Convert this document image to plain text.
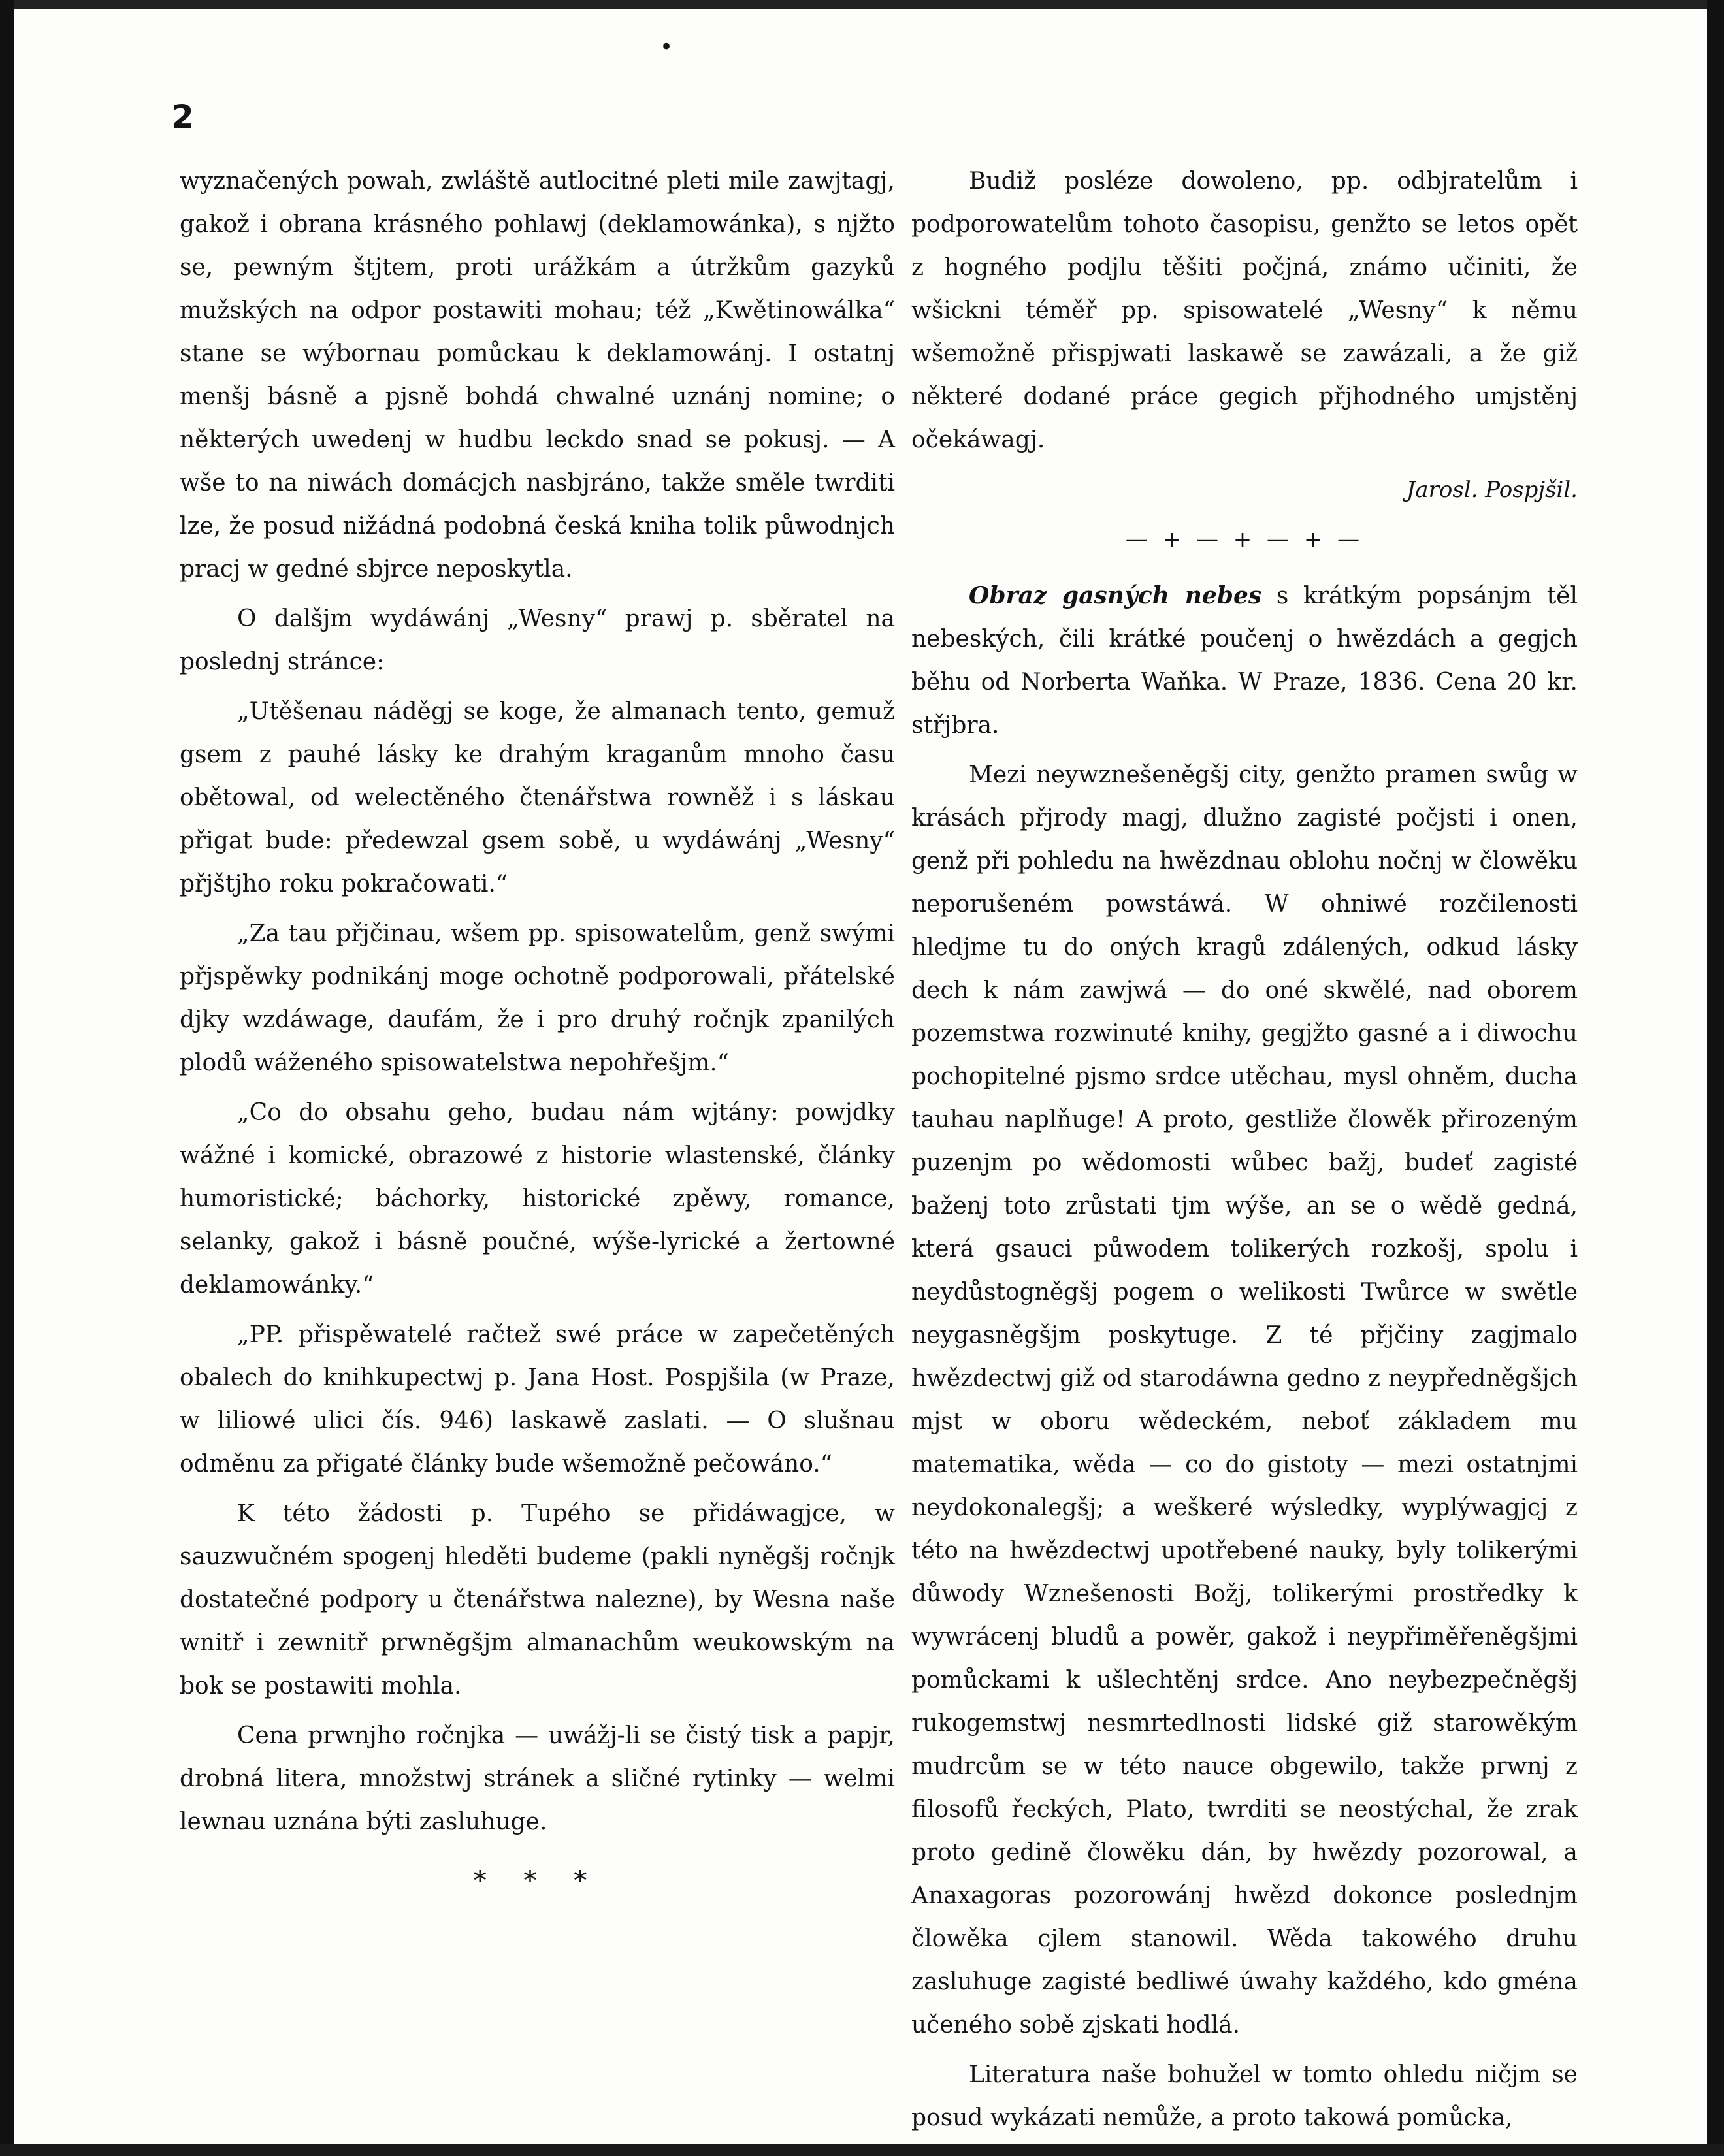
•
2

wyznačených powah, zwláště autlocitné pleti mile zawjtagj, gakož i obrana krásného pohlawj (deklamowánka), s njžto se, pewným štjtem, proti urážkám a útržkům gazyků mužských na odpor postawiti mohau; též „Kwětinowálka“ stane se wýbornau pomůckau k deklamowánj. I ostatnj menšj básně a pjsně bohdá chwalné uznánj nomine; o některých uwedenj w hudbu leckdo snad se pokusj. — A wše to na niwách domácjch nasbjráno, takže směle twrditi lze, že posud nižádná podobná česká kniha tolik půwodnjch pracj w gedné sbjrce neposkytla.

O dalšjm wydáwánj „Wesny“ prawj p. sběratel na poslednj stránce:

„Utěšenau náděgj se koge, že almanach tento, gemuž gsem z pauhé lásky ke drahým kraganům mnoho času obětowal, od welectěného čtenářstwa rowněž i s láskau přigat bude: předewzal gsem sobě, u wydáwánj „Wesny“ přjštjho roku pokračowati.“

„Za tau přjčinau, wšem pp. spisowatelům, genž swými přjspěwky podnikánj moge ochotně podporowali, přátelské djky wzdáwage, daufám, že i pro druhý ročnjk zpanilých plodů wáženého spisowatelstwa nepohřešjm.“

„Co do obsahu geho, budau nám wjtány: powjdky wážné i komické, obrazowé z historie wlastenské, články humoristické; báchorky, historické zpěwy, romance, selanky, gakož i básně poučné, wýše-lyrické a žertowné deklamowánky.“

„PP. přispěwatelé račtež swé práce w zapečetěných obalech do knihkupectwj p. Jana Host. Pospjšila (w Praze, w liliowé ulici čís. 946) laskawě zaslati. — O slušnau odměnu za přigaté články bude wšemožně pečowáno.“

K této žádosti p. Tupého se přidáwagjce, w sauzwučném spogenj hleděti budeme (pakli nyněgšj ročnjk dostatečné podpory u čtenářstwa nalezne), by Wesna naše wnitř i zewnitř prwněgšjm almanachům weukowským na bok se postawiti mohla.

Cena prwnjho ročnjka — uwážj-li se čistý tisk a papjr, drobná litera, množstwj stránek a sličné rytinky — welmi lewnau uznána býti zasluhuge.

* * *

Budiž posléze dowoleno, pp. odbjratelům i podporowatelům tohoto časopisu, genžto se letos opět z hogného podjlu těšiti počjná, známo učiniti, že wšickni téměř pp. spisowatelé „Wesny“ k němu wšemožně přispjwati laskawě se zawázali, a že giž některé dodané práce gegich přjhodného umjstěnj očekáwagj.

Jarosl. Pospjšil.

— + — + — + —

Obraz gasných nebes s krátkým popsánjm těl nebeských, čili krátké poučenj o hwězdách a gegjch běhu od Norberta Waňka. W Praze, 1836. Cena 20 kr. střjbra.

Mezi neywznešeněgšj city, genžto pramen swůg w krásách přjrody magj, dlužno zagisté počjsti i onen, genž při pohledu na hwězdnau oblohu nočnj w člowěku neporušeném powstáwá. W ohniwé rozčilenosti hledjme tu do oných kragů zdálených, odkud lásky dech k nám zawjwá — do oné skwělé, nad oborem pozemstwa rozwinuté knihy, gegjžto gasné a i diwochu pochopitelné pjsmo srdce utěchau, mysl ohněm, ducha tauhau naplňuge! A proto, gestliže člowěk přirozeným puzenjm po wědomosti wůbec bažj, budeť zagisté baženj toto zrůstati tjm wýše, an se o wědě gedná, která gsauci půwodem tolikerých rozkošj, spolu i neydůstogněgšj pogem o welikosti Twůrce w swětle neygasněgšjm poskytuge. Z té přjčiny zagjmalo hwězdectwj giž od starodáwna gedno z neypředněgšjch mjst w oboru wědeckém, neboť základem mu matematika, wěda — co do gistoty — mezi ostatnjmi neydokonalegšj; a weškeré wýsledky, wyplýwagjcj z této na hwězdectwj upotřebené nauky, byly tolikerými důwody Wznešenosti Božj, tolikerými prostředky k wywrácenj bludů a powěr, gakož i neypřiměřeněgšjmi pomůckami k ušlechtěnj srdce. Ano neybezpečněgšj rukogemstwj nesmrtedlnosti lidské giž starowěkým mudrcům se w této nauce obgewilo, takže prwnj z filosofů řeckých, Plato, twrditi se neostýchal, že zrak proto gedině člowěku dán, by hwězdy pozorowal, a Anaxagoras pozorowánj hwězd dokonce poslednjm člowěka cjlem stanowil. Wěda takowého druhu zasluhuge zagisté bedliwé úwahy každého, kdo gména učeného sobě zjskati hodlá.

Literatura naše bohužel w tomto ohledu ničjm se posud wykázati nemůže, a proto takowá pomůcka,
